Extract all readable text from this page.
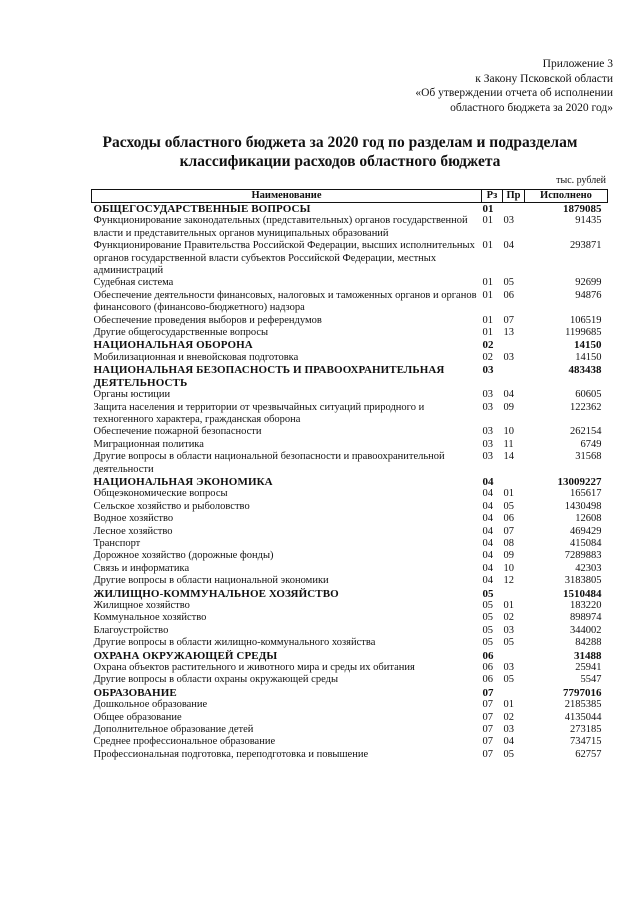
Приложение 3
к Закону Псковской области
«Об утверждении отчета об исполнении
областного бюджета за 2020 год»
Расходы областного бюджета за 2020 год по разделам и подразделам
классификации расходов областного бюджета
тыс. рублей
Наименование	Рз	Пр	Исполнено
ОБЩЕГОСУДАРСТВЕННЫЕ ВОПРОСЫ	01		1879085
Функционирование законодательных (представительных) органов государственной власти и представительных органов муниципальных образований	01	03	91435
Функционирование Правительства Российской Федерации, высших исполнительных органов государственной власти субъектов Российской Федерации, местных администраций	01	04	293871
Судебная система	01	05	92699
Обеспечение деятельности финансовых, налоговых и таможенных органов и органов финансового (финансово-бюджетного) надзора	01	06	94876
Обеспечение проведения выборов и референдумов	01	07	106519
Другие общегосударственные вопросы	01	13	1199685
НАЦИОНАЛЬНАЯ ОБОРОНА	02		14150
Мобилизационная и вневойсковая подготовка	02	03	14150
НАЦИОНАЛЬНАЯ БЕЗОПАСНОСТЬ И ПРАВООХРАНИТЕЛЬНАЯ ДЕЯТЕЛЬНОСТЬ	03		483438
Органы юстиции	03	04	60605
Защита населения и территории от чрезвычайных ситуаций природного и техногенного характера, гражданская оборона	03	09	122362
Обеспечение пожарной безопасности	03	10	262154
Миграционная политика	03	11	6749
Другие вопросы в области национальной безопасности и правоохранительной деятельности	03	14	31568
НАЦИОНАЛЬНАЯ ЭКОНОМИКА	04		13009227
Общеэкономические вопросы	04	01	165617
Сельское хозяйство и рыболовство	04	05	1430498
Водное хозяйство	04	06	12608
Лесное хозяйство	04	07	469429
Транспорт	04	08	415084
Дорожное хозяйство (дорожные фонды)	04	09	7289883
Связь и информатика	04	10	42303
Другие вопросы в области национальной экономики	04	12	3183805
ЖИЛИЩНО-КОММУНАЛЬНОЕ ХОЗЯЙСТВО	05		1510484
Жилищное хозяйство	05	01	183220
Коммунальное хозяйство	05	02	898974
Благоустройство	05	03	344002
Другие вопросы в области жилищно-коммунального хозяйства	05	05	84288
ОХРАНА ОКРУЖАЮЩЕЙ СРЕДЫ	06		31488
Охрана объектов растительного и животного мира и среды их обитания	06	03	25941
Другие вопросы в области охраны окружающей среды	06	05	5547
ОБРАЗОВАНИЕ	07		7797016
Дошкольное образование	07	01	2185385
Общее образование	07	02	4135044
Дополнительное образование детей	07	03	273185
Среднее профессиональное образование	07	04	734715
Профессиональная подготовка, переподготовка и повышение	07	05	62757
